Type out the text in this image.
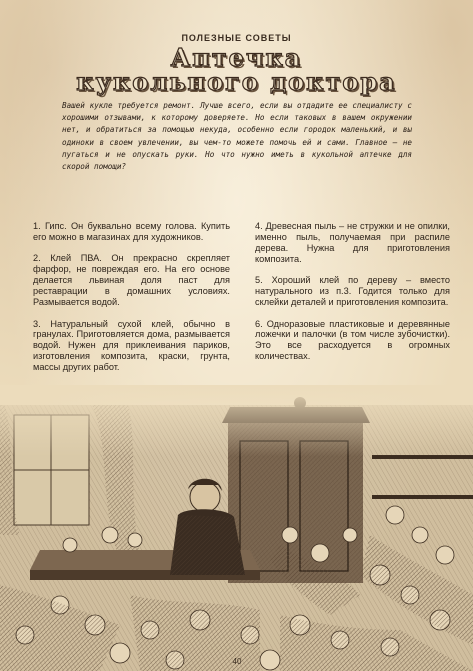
ПОЛЕЗНЫЕ СОВЕТЫ
Аптечка
кукольного доктора
Вашей кукле требуется ремонт. Лучше всего, если вы отдадите ее специалисту с хорошими отзывами, к которому доверяете. Но если таковых в вашем окружении нет, и обратиться за помощью некуда, особенно если городок маленький, и вы одиноки в своем увлечении, вы чем-то можете помочь ей и сами. Главное – не пугаться и не опускать руки. Но что нужно иметь в кукольной аптечке для скорой помощи?

1. Гипс. Он буквально всему голова. Купить его можно в магазинах для художников.

2. Клей ПВА. Он прекрасно скрепляет фарфор, не повреждая его. На его основе делается львиная доля паст для реставрации в домашних условиях. Размывается водой.

3. Натуральный сухой клей, обычно в гранулах. Приготовляется дома, размывается водой. Нужен для приклеивания париков, изготовления композита, краски, грунта, массы других работ.

4. Древесная пыль – не стружки и не опилки, именно пыль, получаемая при распиле дерева. Нужна для приготовления композита.

5. Хороший клей по дереву – вместо натурального из п.3. Годится только для склейки деталей и приготовления композита.

6. Одноразовые пластиковые и деревянные ложечки и палочки (в том числе зубочистки). Это все расходуется в огромных количествах.

40
